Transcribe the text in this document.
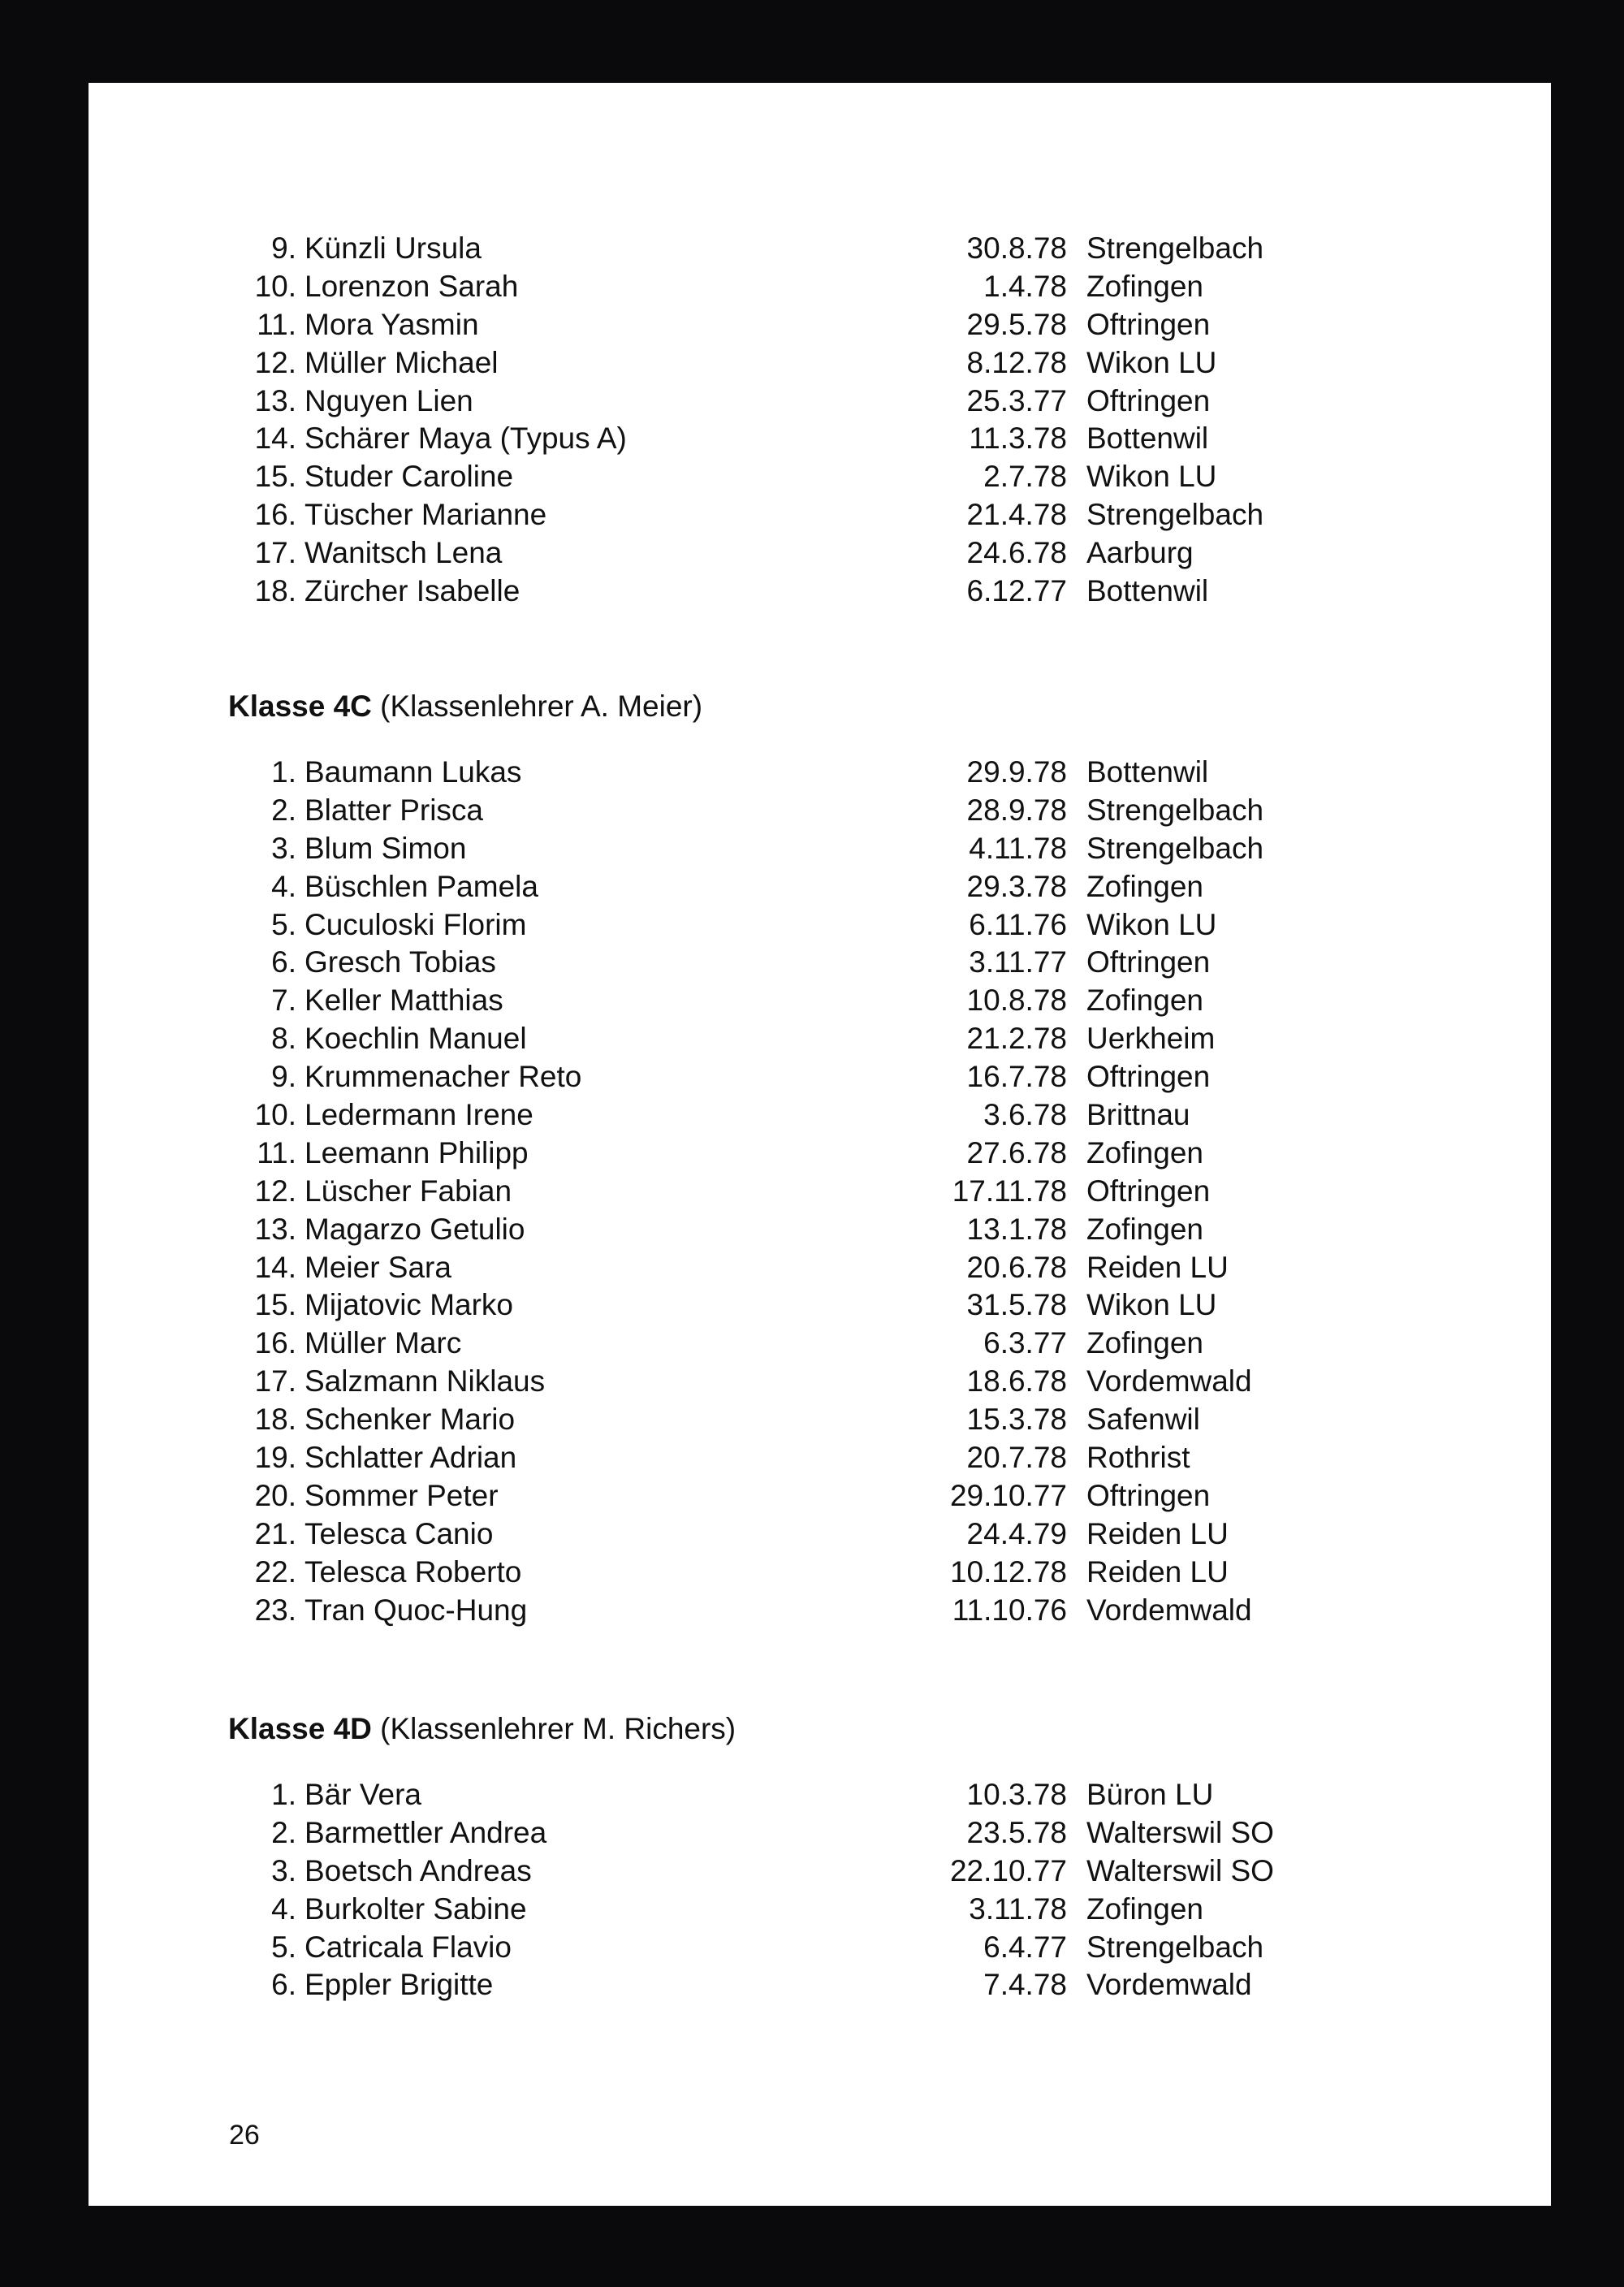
9. Künzli Ursula	30.8.78 Strengelbach
10. Lorenzon Sarah	1.4.78 Zofingen
11. Mora Yasmin	29.5.78 Oftringen
12. Müller Michael	8.12.78 Wikon LU
13. Nguyen Lien	25.3.77 Oftringen
14. Schärer Maya (Typus A)	11.3.78 Bottenwil
15. Studer Caroline	2.7.78 Wikon LU
16. Tüscher Marianne	21.4.78 Strengelbach
17. Wanitsch Lena	24.6.78 Aarburg
18. Zürcher Isabelle	6.12.77 Bottenwil
Klasse 4C (Klassenlehrer A. Meier)
1. Baumann Lukas	29.9.78 Bottenwil
2. Blatter Prisca	28.9.78 Strengelbach
3. Blum Simon	4.11.78 Strengelbach
4. Büschlen Pamela	29.3.78 Zofingen
5. Cuculoski Florim	6.11.76 Wikon LU
6. Gresch Tobias	3.11.77 Oftringen
7. Keller Matthias	10.8.78 Zofingen
8. Koechlin Manuel	21.2.78 Uerkheim
9. Krummenacher Reto	16.7.78 Oftringen
10. Ledermann Irene	3.6.78 Brittnau
11. Leemann Philipp	27.6.78 Zofingen
12. Lüscher Fabian	17.11.78 Oftringen
13. Magarzo Getulio	13.1.78 Zofingen
14. Meier Sara	20.6.78 Reiden LU
15. Mijatovic Marko	31.5.78 Wikon LU
16. Müller Marc	6.3.77 Zofingen
17. Salzmann Niklaus	18.6.78 Vordemwald
18. Schenker Mario	15.3.78 Safenwil
19. Schlatter Adrian	20.7.78 Rothrist
20. Sommer Peter	29.10.77 Oftringen
21. Telesca Canio	24.4.79 Reiden LU
22. Telesca Roberto	10.12.78 Reiden LU
23. Tran Quoc-Hung	11.10.76 Vordemwald
Klasse 4D (Klassenlehrer M. Richers)
1. Bär Vera	10.3.78 Büron LU
2. Barmettler Andrea	23.5.78 Walterswil SO
3. Boetsch Andreas	22.10.77 Walterswil SO
4. Burkolter Sabine	3.11.78 Zofingen
5. Catricala Flavio	6.4.77 Strengelbach
6. Eppler Brigitte	7.4.78 Vordemwald
26
